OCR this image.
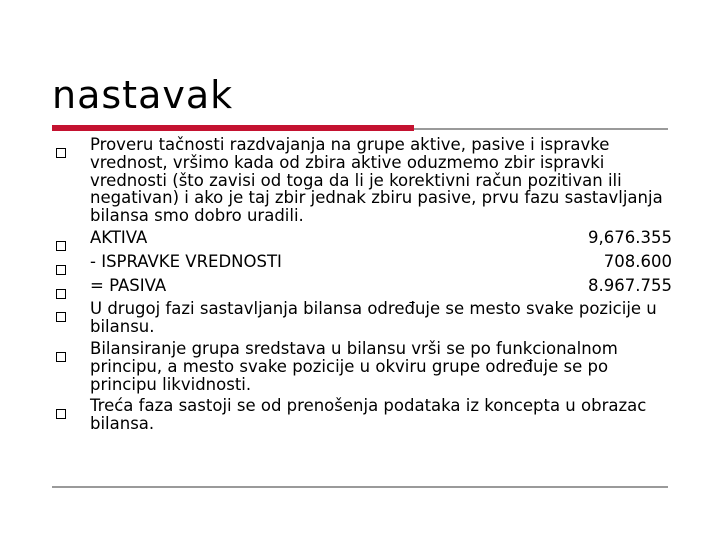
nastavak
Proveru tačnosti razdvajanja na grupe aktive, pasive i ispravke vrednost, vršimo kada od zbira aktive oduzmemo zbir ispravki vrednosti (što zavisi od toga da li je korektivni račun pozitivan ili negativan) i ako je taj zbir jednak zbiru pasive, prvu fazu sastavljanja bilansa smo dobro uradili.
AKTIVA	9,676.355
- ISPRAVKE VREDNOSTI	708.600
= PASIVA	8.967.755
U drugoj fazi sastavljanja bilansa određuje se mesto svake pozicije u bilansu.
Bilansiranje grupa sredstava u bilansu vrši se po funkcionalnom principu, a mesto svake pozicije u okviru grupe određuje se po principu likvidnosti.
Treća faza sastoji se od prenošenja podataka iz koncepta u obrazac bilansa.
